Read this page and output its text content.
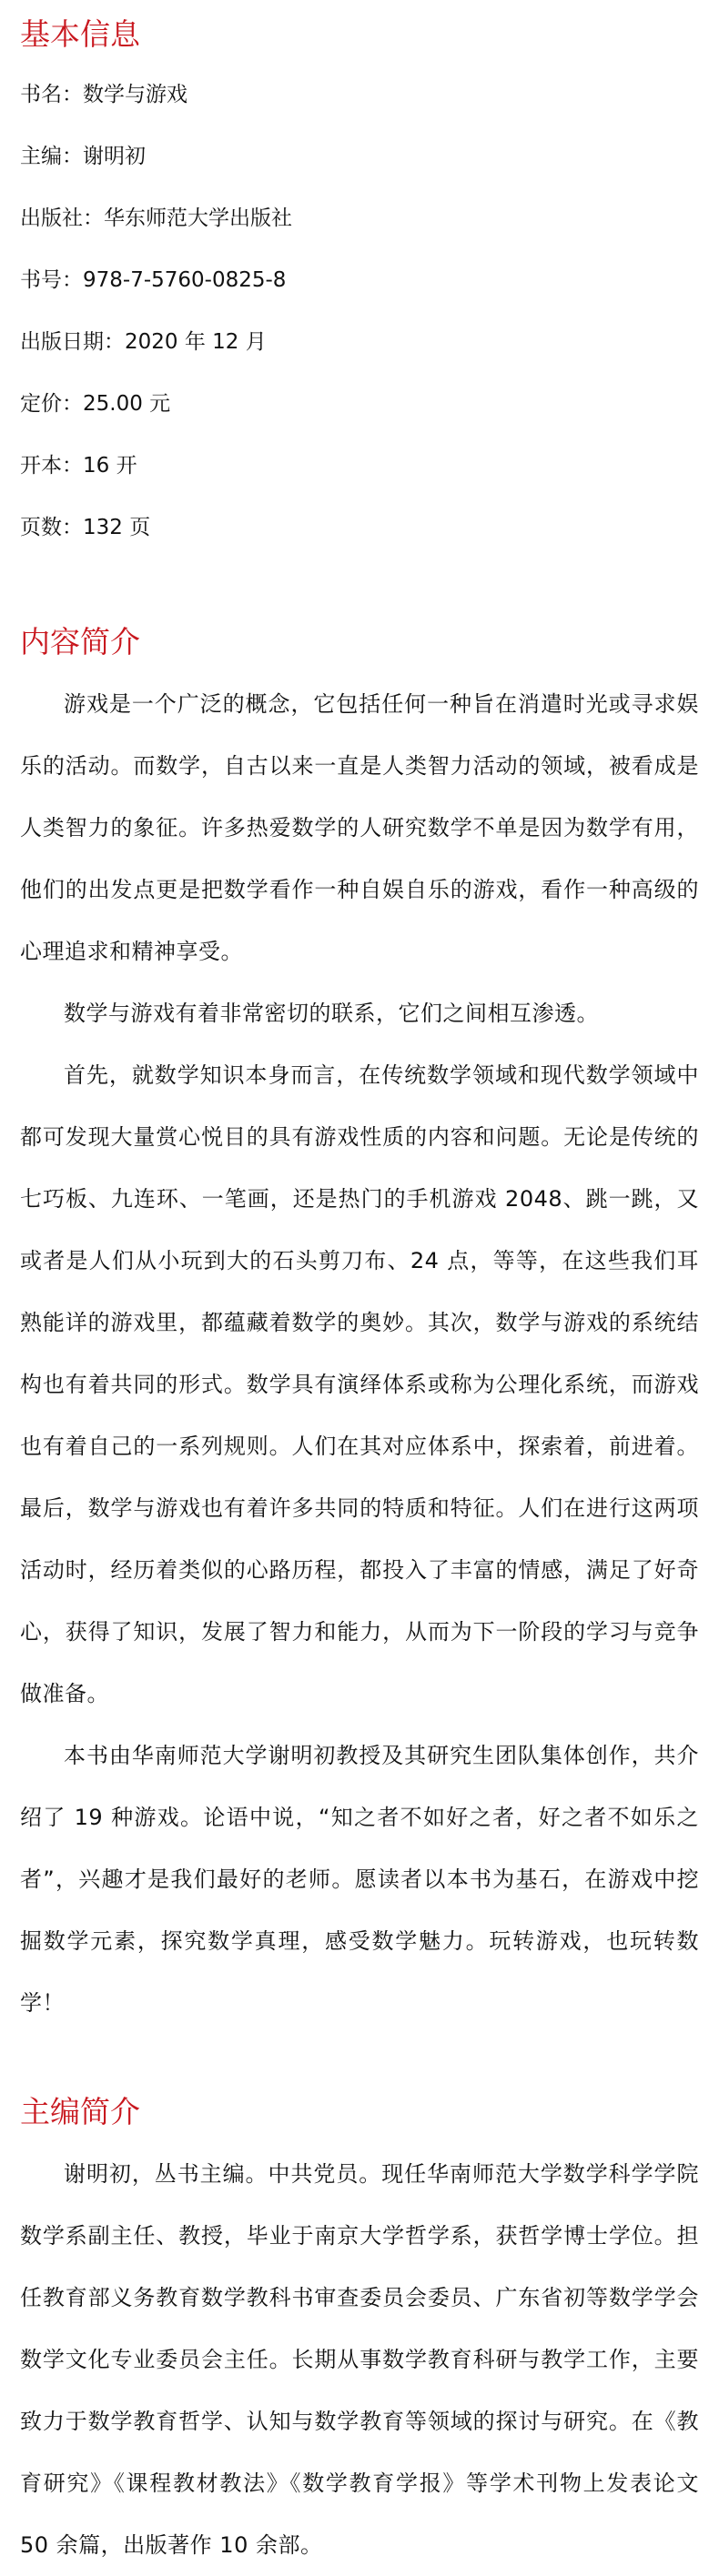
基本信息

书名：数学与游戏

主编：谢明初

出版社：华东师范大学出版社

书号：978-7-5760-0825-8

出版日期：2020 年 12 月

定价：25.00 元

开本：16 开

页数：132 页

内容简介

游戏是一个广泛的概念，它包括任何一种旨在消遣时光或寻求娱乐的活动。而数学，自古以来一直是人类智力活动的领域，被看成是人类智力的象征。许多热爱数学的人研究数学不单是因为数学有用，他们的出发点更是把数学看作一种自娱自乐的游戏，看作一种高级的心理追求和精神享受。

数学与游戏有着非常密切的联系，它们之间相互渗透。

首先，就数学知识本身而言，在传统数学领域和现代数学领域中都可发现大量赏心悦目的具有游戏性质的内容和问题。无论是传统的七巧板、九连环、一笔画，还是热门的手机游戏 2048、跳一跳，又或者是人们从小玩到大的石头剪刀布、24 点，等等，在这些我们耳熟能详的游戏里，都蕴藏着数学的奥妙。其次，数学与游戏的系统结构也有着共同的形式。数学具有演绎体系或称为公理化系统，而游戏也有着自己的一系列规则。人们在其对应体系中，探索着，前进着。最后，数学与游戏也有着许多共同的特质和特征。人们在进行这两项活动时，经历着类似的心路历程，都投入了丰富的情感，满足了好奇心，获得了知识，发展了智力和能力，从而为下一阶段的学习与竞争做准备。

本书由华南师范大学谢明初教授及其研究生团队集体创作，共介绍了 19 种游戏。论语中说，“知之者不如好之者，好之者不如乐之者”，兴趣才是我们最好的老师。愿读者以本书为基石，在游戏中挖掘数学元素，探究数学真理，感受数学魅力。玩转游戏，也玩转数学！

主编简介

谢明初，丛书主编。中共党员。现任华南师范大学数学科学学院数学系副主任、教授，毕业于南京大学哲学系，获哲学博士学位。担任教育部义务教育数学教科书审查委员会委员、广东省初等数学学会数学文化专业委员会主任。长期从事数学教育科研与教学工作，主要致力于数学教育哲学、认知与数学教育等领域的探讨与研究。在《教育研究》《课程教材教法》《数学教育学报》等学术刊物上发表论文 50 余篇，出版著作 10 余部。
